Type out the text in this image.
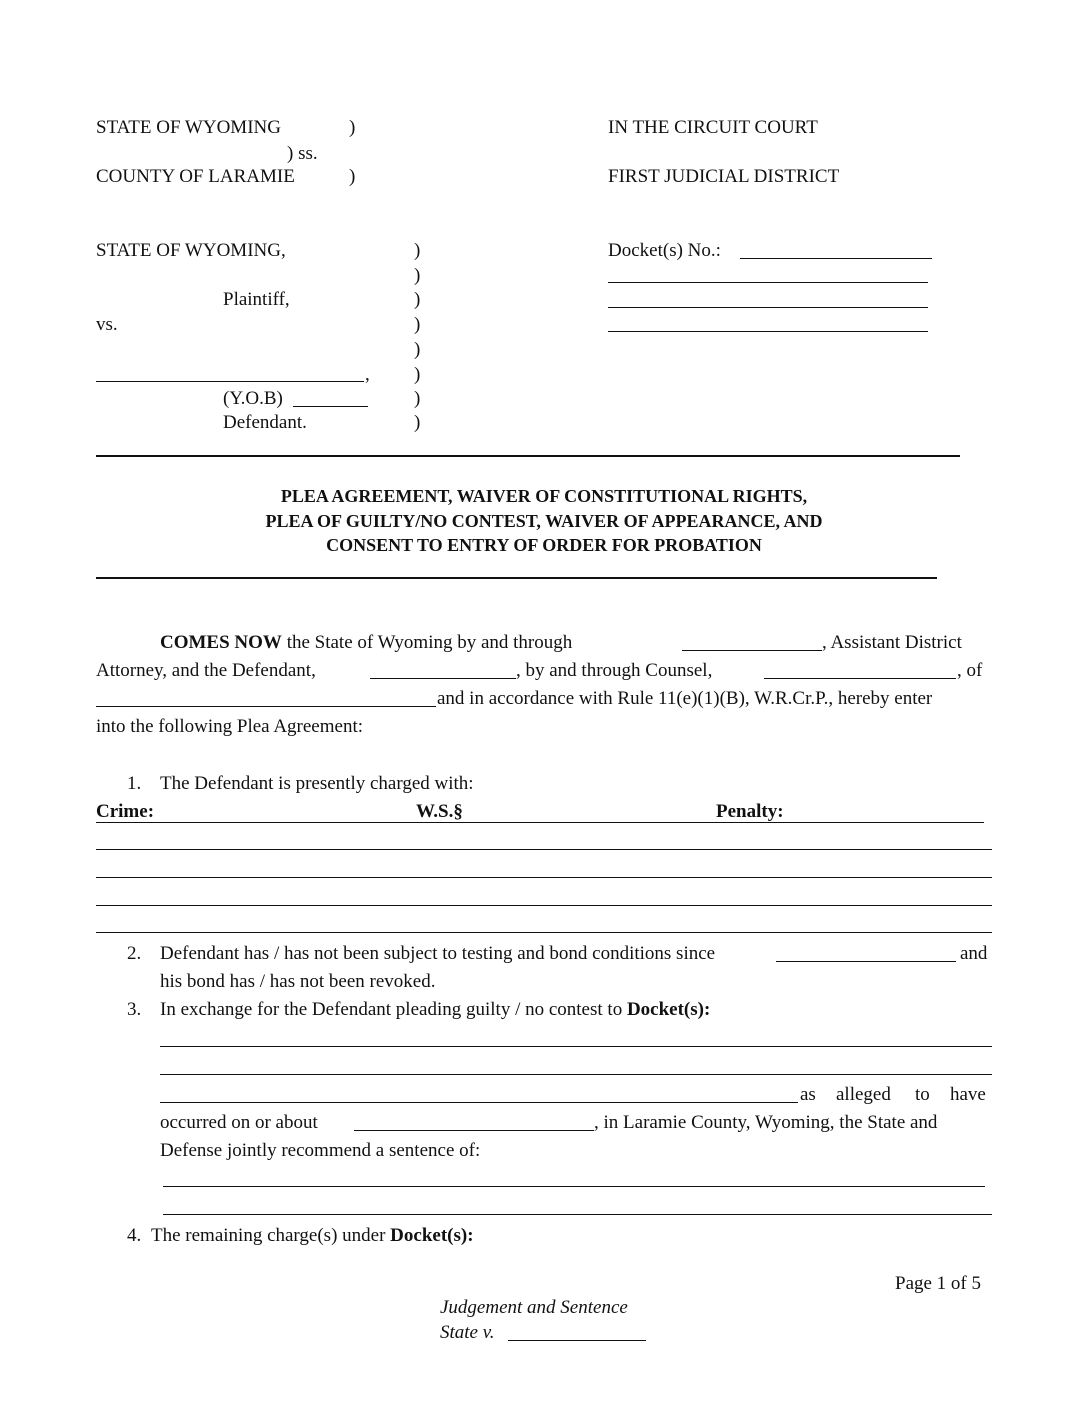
STATE OF WYOMING	)
) ss.
COUNTY OF LARAMIE	)
IN THE CIRCUIT COURT
FIRST JUDICIAL DISTRICT
STATE OF WYOMING,
Plaintiff,
vs.
,
(Y.O.B)
Defendant.
)
)
)
)
)
)
)
)
Docket(s) No.:
PLEA AGREEMENT, WAIVER OF CONSTITUTIONAL RIGHTS,
PLEA OF GUILTY/NO CONTEST, WAIVER OF APPEARANCE, AND
CONSENT TO ENTRY OF ORDER FOR PROBATION
COMES NOW the State of Wyoming by and through	, Assistant District
Attorney, and the Defendant,	, by and through Counsel,	, of
and in accordance with Rule 11(e)(1)(B), W.R.Cr.P., hereby enter
into the following Plea Agreement:
1. The Defendant is presently charged with:
Crime:	W.S.§	Penalty:
2. Defendant has / has not been subject to testing and bond conditions since	and
his bond has / has not been revoked.
3. In exchange for the Defendant pleading guilty / no contest to Docket(s):
as alleged to have
occurred on or about	, in Laramie County, Wyoming, the State and
Defense jointly recommend a sentence of:
4. The remaining charge(s) under Docket(s):
Page 1 of 5
Judgement and Sentence
State v.
